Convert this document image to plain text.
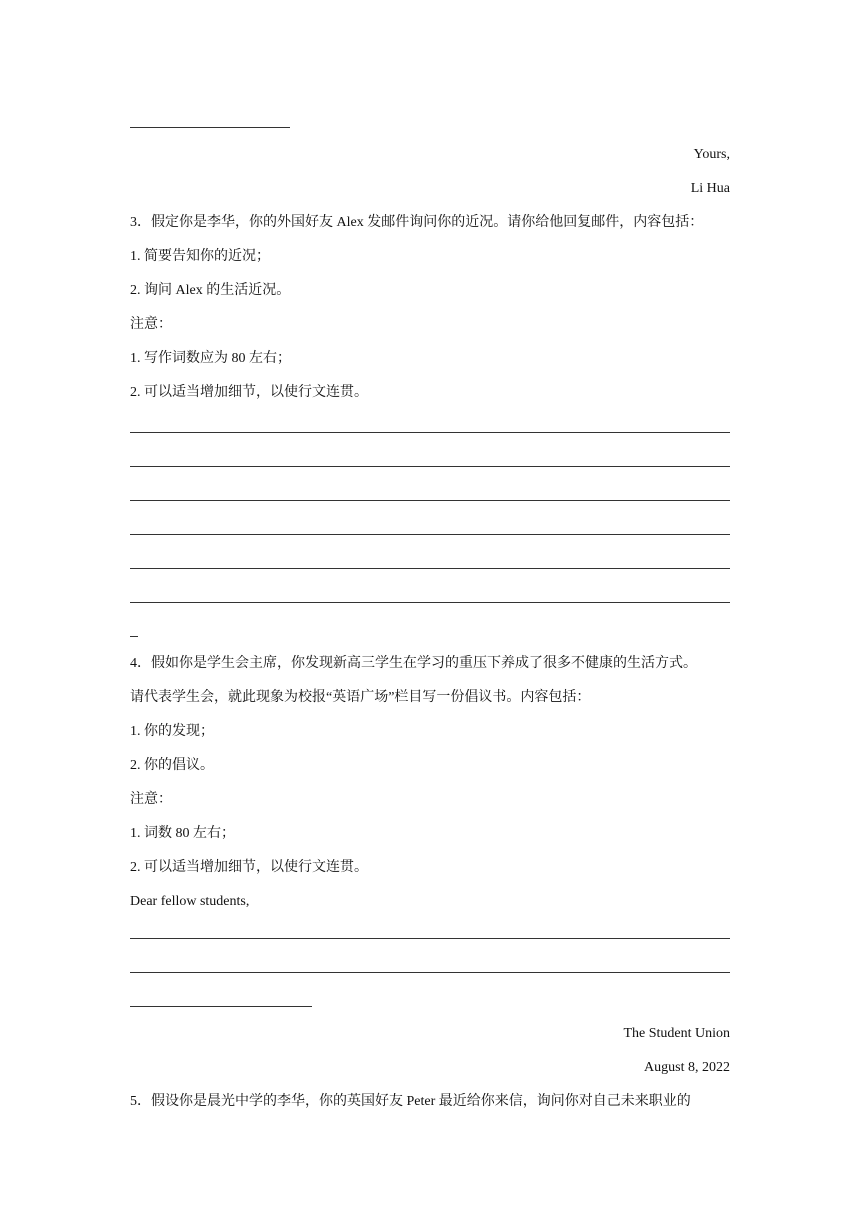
Yours,
Li Hua
3．假定你是李华，你的外国好友 Alex 发邮件询问你的近况。请你给他回复邮件，内容包括：
1. 简要告知你的近况；
2. 询问 Alex 的生活近况。
注意：
1. 写作词数应为 80 左右；
2. 可以适当增加细节，以使行文连贯。
4．假如你是学生会主席，你发现新高三学生在学习的重压下养成了很多不健康的生活方式。
请代表学生会，就此现象为校报“英语广场”栏目写一份倡议书。内容包括：
1. 你的发现；
2. 你的倡议。
注意：
1. 词数 80 左右；
2. 可以适当增加细节，以使行文连贯。
Dear fellow students,
The Student Union
August 8, 2022
5．假设你是晨光中学的李华，你的英国好友 Peter 最近给你来信，询问你对自己未来职业的
